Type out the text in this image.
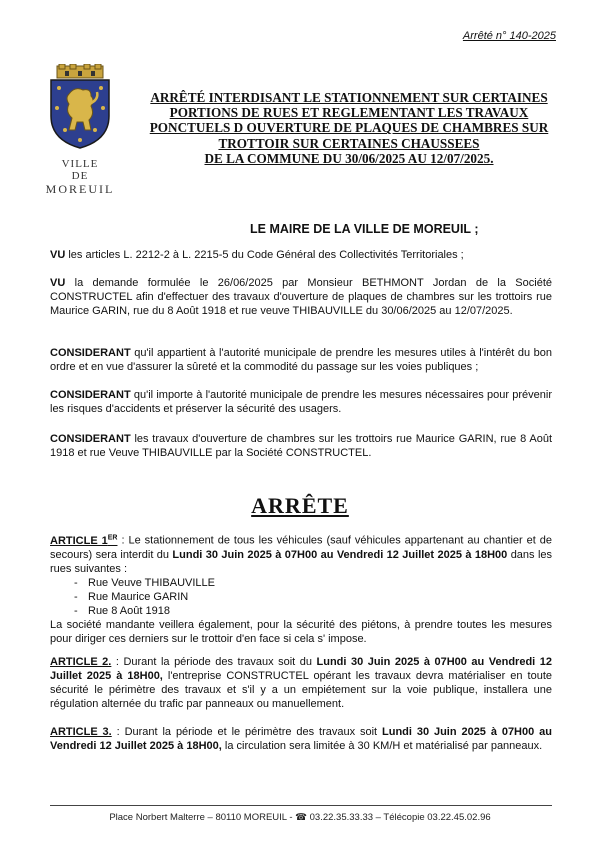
Arrêté n° 140-2025
VILLE
DE
MOREUIL
ARRÊTÉ INTERDISANT LE STATIONNEMENT SUR CERTAINES
PORTIONS DE RUES ET REGLEMENTANT LES TRAVAUX
PONCTUELS D OUVERTURE DE PLAQUES DE CHAMBRES SUR
TROTTOIR SUR CERTAINES CHAUSSEES
DE LA COMMUNE DU 30/06/2025 AU 12/07/2025.
LE MAIRE DE LA VILLE DE MOREUIL ;
VU les articles L. 2212-2 à L. 2215-5 du Code Général des Collectivités Territoriales ;
VU la demande formulée le 26/06/2025 par Monsieur BETHMONT Jordan de la Société CONSTRUCTEL afin d'effectuer des travaux d'ouverture de plaques de chambres sur les trottoirs rue Maurice GARIN, rue du 8 Août 1918 et rue veuve THIBAUVILLE du 30/06/2025 au 12/07/2025.
CONSIDERANT qu'il appartient à l'autorité municipale de prendre les mesures utiles à l'intérêt du bon ordre et en vue d'assurer la sûreté et la commodité du passage sur les voies publiques ;
CONSIDERANT qu'il importe à l'autorité municipale de prendre les mesures nécessaires pour prévenir les risques d'accidents et préserver la sécurité des usagers.
CONSIDERANT les travaux d'ouverture de chambres sur les trottoirs rue Maurice GARIN, rue 8 Août 1918 et rue Veuve THIBAUVILLE par la Société CONSTRUCTEL.
ARRÊTE
ARTICLE 1ER : Le stationnement de tous les véhicules (sauf véhicules appartenant au chantier et de secours) sera interdit du Lundi 30 Juin 2025 à 07H00 au Vendredi 12 Juillet 2025 à 18H00 dans les rues suivantes :
- Rue Veuve THIBAUVILLE
- Rue Maurice GARIN
- Rue 8 Août 1918
La société mandante veillera également, pour la sécurité des piétons, à prendre toutes les mesures pour diriger ces derniers sur le trottoir d'en face si cela s' impose.
ARTICLE 2. : Durant la période des travaux soit du Lundi 30 Juin 2025 à 07H00 au Vendredi 12 Juillet 2025 à 18H00, l'entreprise CONSTRUCTEL opérant les travaux devra matérialiser en toute sécurité le périmètre des travaux et s'il y a un empiétement sur la voie publique, installera une régulation alternée du trafic par panneaux ou manuellement.
ARTICLE 3. : Durant la période et le périmètre des travaux soit Lundi 30 Juin 2025 à 07H00 au Vendredi 12 Juillet 2025 à 18H00, la circulation sera limitée à 30 KM/H et matérialisé par panneaux.
Place Norbert Malterre – 80110 MOREUIL - ☎ 03.22.35.33.33 – Télécopie 03.22.45.02.96
